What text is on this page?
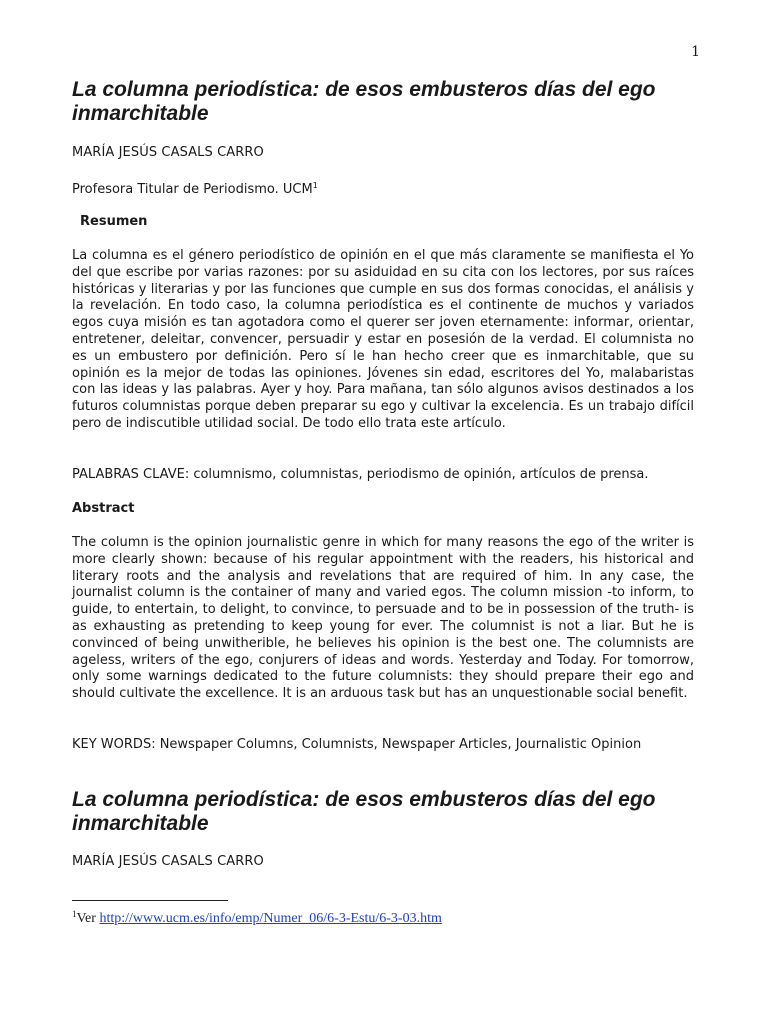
1
La columna periodística: de esos embusteros días del ego inmarchitable
MARÍA JESÚS CASALS CARRO
Profesora Titular de Periodismo. UCM$^1$
Resumen

La columna es el género periodístico de opinión en el que más claramente se manifiesta el Yo del que escribe por varias razones: por su asiduidad en su cita con los lectores, por sus raíces históricas y literarias y por las funciones que cumple en sus dos formas conocidas, el análisis y la revelación. En todo caso, la columna periodística es el continente de muchos y variados egos cuya misión es tan agotadora como el querer ser joven eternamente: informar, orientar, entretener, deleitar, convencer, persuadir y estar en posesión de la verdad. El columnista no es un embustero por definición. Pero sí le han hecho creer que es inmarchitable, que su opinión es la mejor de todas las opiniones. Jóvenes sin edad, escritores del Yo, malabaristas con las ideas y las palabras. Ayer y hoy. Para mañana, tan sólo algunos avisos destinados a los futuros columnistas porque deben preparar su ego y cultivar la excelencia. Es un trabajo difícil pero de indiscutible utilidad social. De todo ello trata este artículo.

PALABRAS CLAVE: columnismo, columnistas, periodismo de opinión, artículos de prensa.

Abstract

The column is the opinion journalistic genre in which for many reasons the ego of the writer is more clearly shown: because of his regular appointment with the readers, his historical and literary roots and the analysis and revelations that are required of him. In any case, the journalist column is the container of many and varied egos. The column mission -to inform, to guide, to entertain, to delight, to convince, to persuade and to be in possession of the truth- is as exhausting as pretending to keep young for ever. The columnist is not a liar. But he is convinced of being unwitherible, he believes his opinion is the best one. The columnists are ageless, writers of the ego, conjurers of ideas and words. Yesterday and Today. For tomorrow, only some warnings dedicated to the future columnists: they should prepare their ego and should cultivate the excellence. It is an arduous task but has an unquestionable social benefit.

KEY WORDS: Newspaper Columns, Columnists, Newspaper Articles, Journalistic Opinion

La columna periodística: de esos embusteros días del ego inmarchitable
MARÍA JESÚS CASALS CARRO
$^1$Ver http://www.ucm.es/info/emp/Numer_06/6-3-Estu/6-3-03.htm
